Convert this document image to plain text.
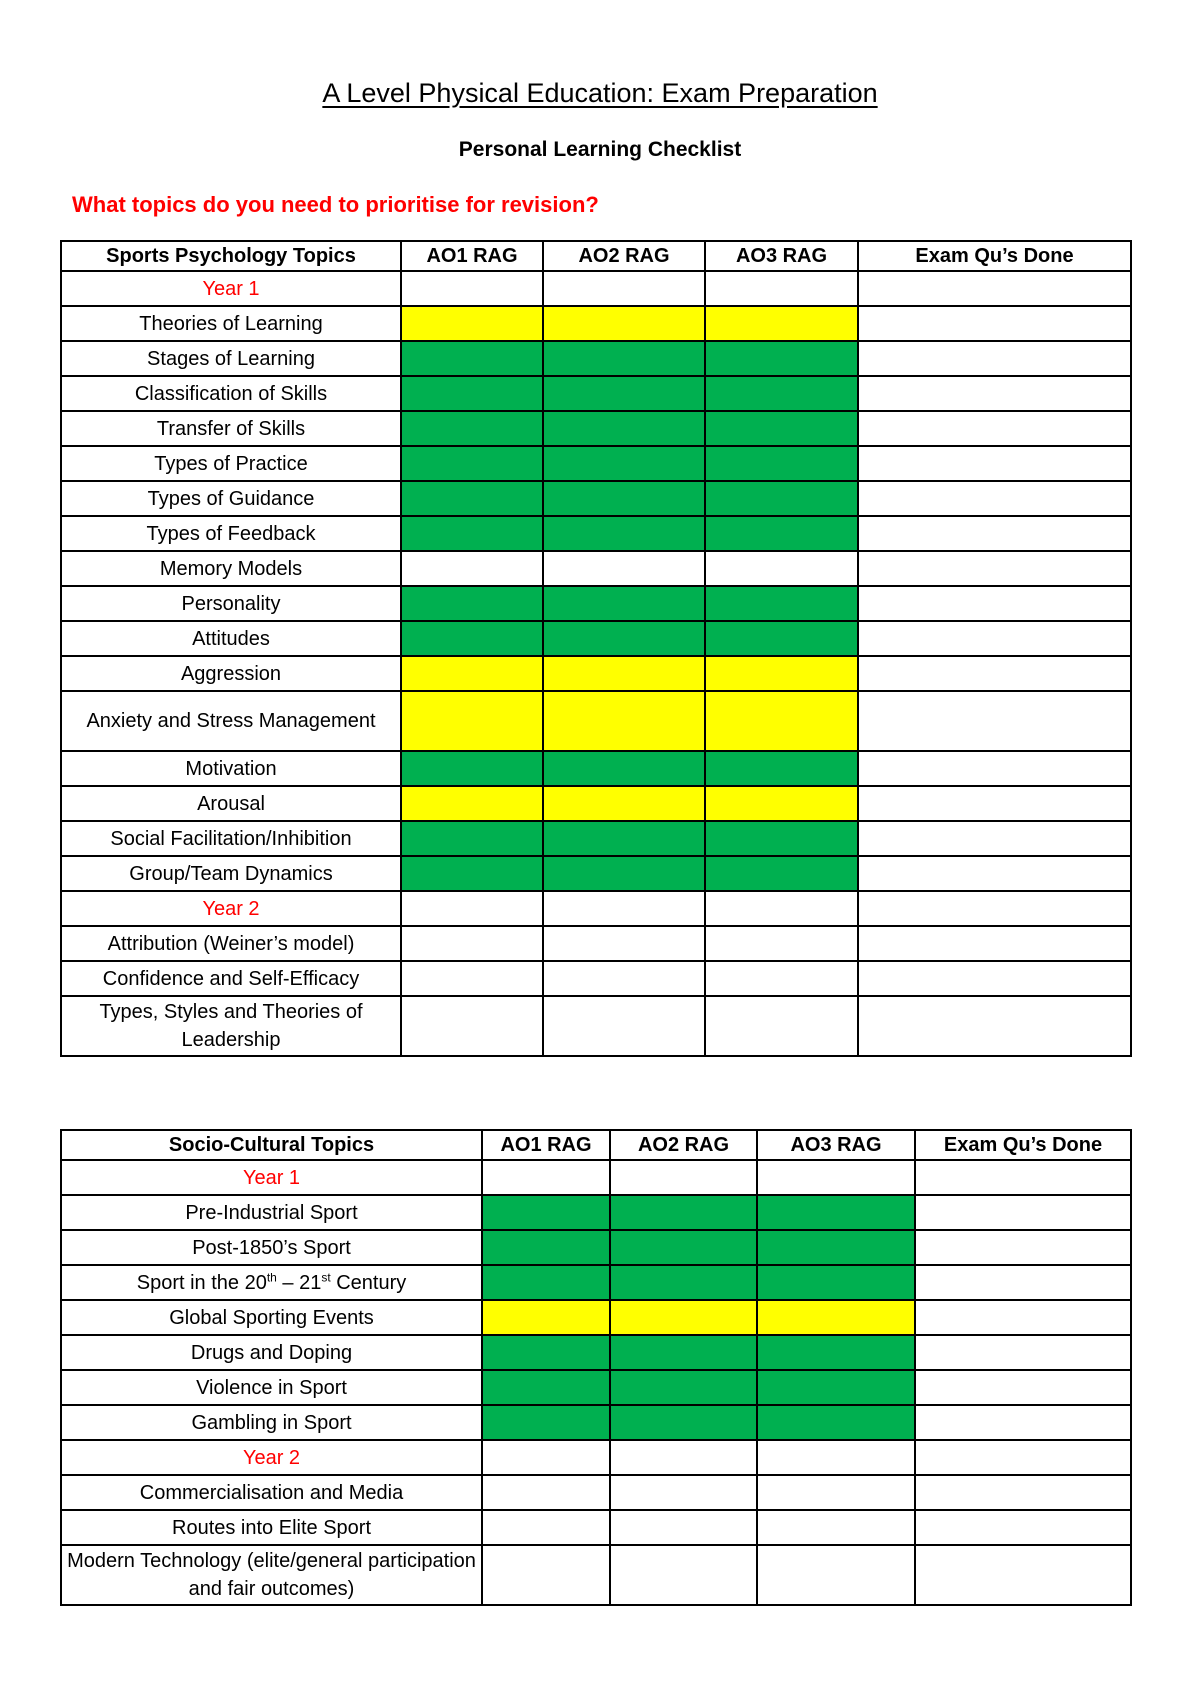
A Level Physical Education: Exam Preparation
Personal Learning Checklist
What topics do you need to prioritise for revision?
Sports Psychology Topics	AO1 RAG	AO2 RAG	AO3 RAG	Exam Qu’s Done
Year 1				
Theories of Learning				
Stages of Learning				
Classification of Skills				
Transfer of Skills				
Types of Practice				
Types of Guidance				
Types of Feedback				
Memory Models				
Personality				
Attitudes				
Aggression				
Anxiety and Stress Management				
Motivation				
Arousal				
Social Facilitation/Inhibition				
Group/Team Dynamics				
Year 2				
Attribution (Weiner’s model)				
Confidence and Self-Efficacy				
Types, Styles and Theories of Leadership				
Socio-Cultural Topics	AO1 RAG	AO2 RAG	AO3 RAG	Exam Qu’s Done
Year 1				
Pre-Industrial Sport				
Post-1850’s Sport				
Sport in the 20th – 21st Century				
Global Sporting Events				
Drugs and Doping				
Violence in Sport				
Gambling in Sport				
Year 2				
Commercialisation and Media				
Routes into Elite Sport				
Modern Technology (elite/general participation and fair outcomes)				
